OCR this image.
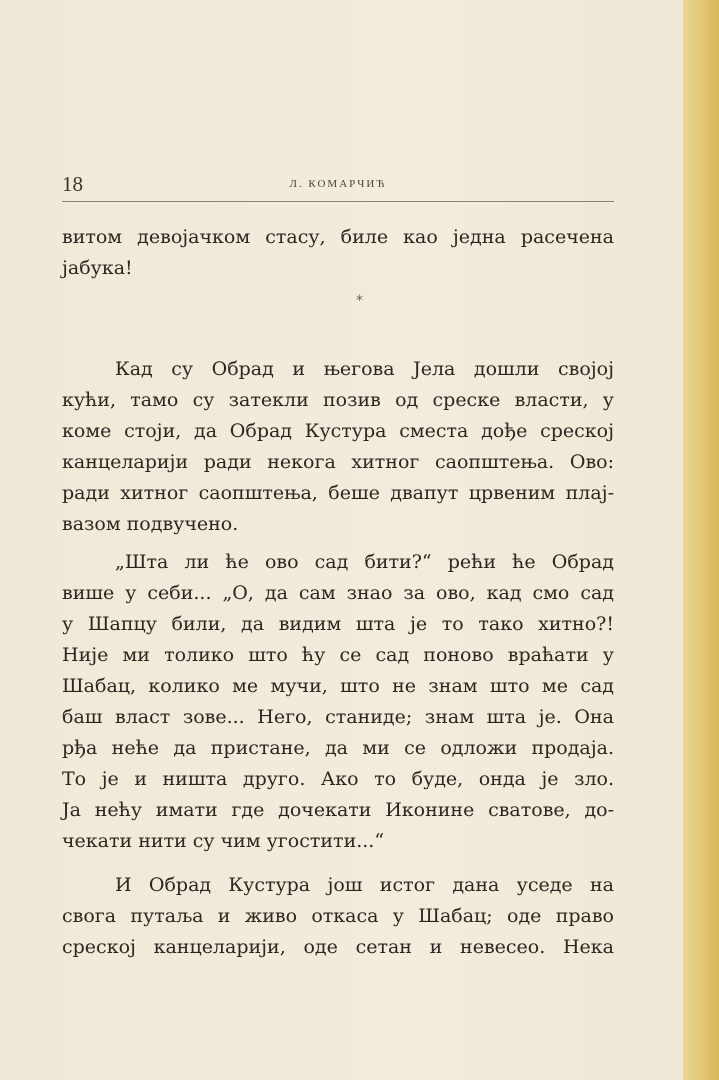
18	Л. КОМАРЧИЋ
витом девојачком стасу, биле као једна расечена
јабука!
*
Кад су Обрад и његова Јела дошли својој
кући, тамо су затекли позив од среске власти, у
коме стоји, да Обрад Кустура сместа дође среској
канцеларији ради некога хитног саопштења. Ово:
ради хитног саопштења, беше двапут црвеним плај-
вазом подвучено.
„Шта ли ће ово сад бити?“ рећи ће Обрад
више у себи... „О, да сам знао за ово, кад смо сад
у Шапцу били, да видим шта је то тако хитно?!
Није ми толико што ћу се сад поново враћати у
Шабац, колико ме мучи, што не знам што ме сад
баш власт зове... Него, станиде; знам шта је. Она
рђа неће да пристане, да ми се одложи продаја.
То је и ништа друго. Ако то буде, онда је зло.
Ја нећу имати где дочекати Иконине сватове, до-
чекати нити су чим угостити...“
И Обрад Кустура још истог дана уседе на
свога путаља и живо откаса у Шабац; оде право
среској канцеларији, оде сетан и невесео. Нека
